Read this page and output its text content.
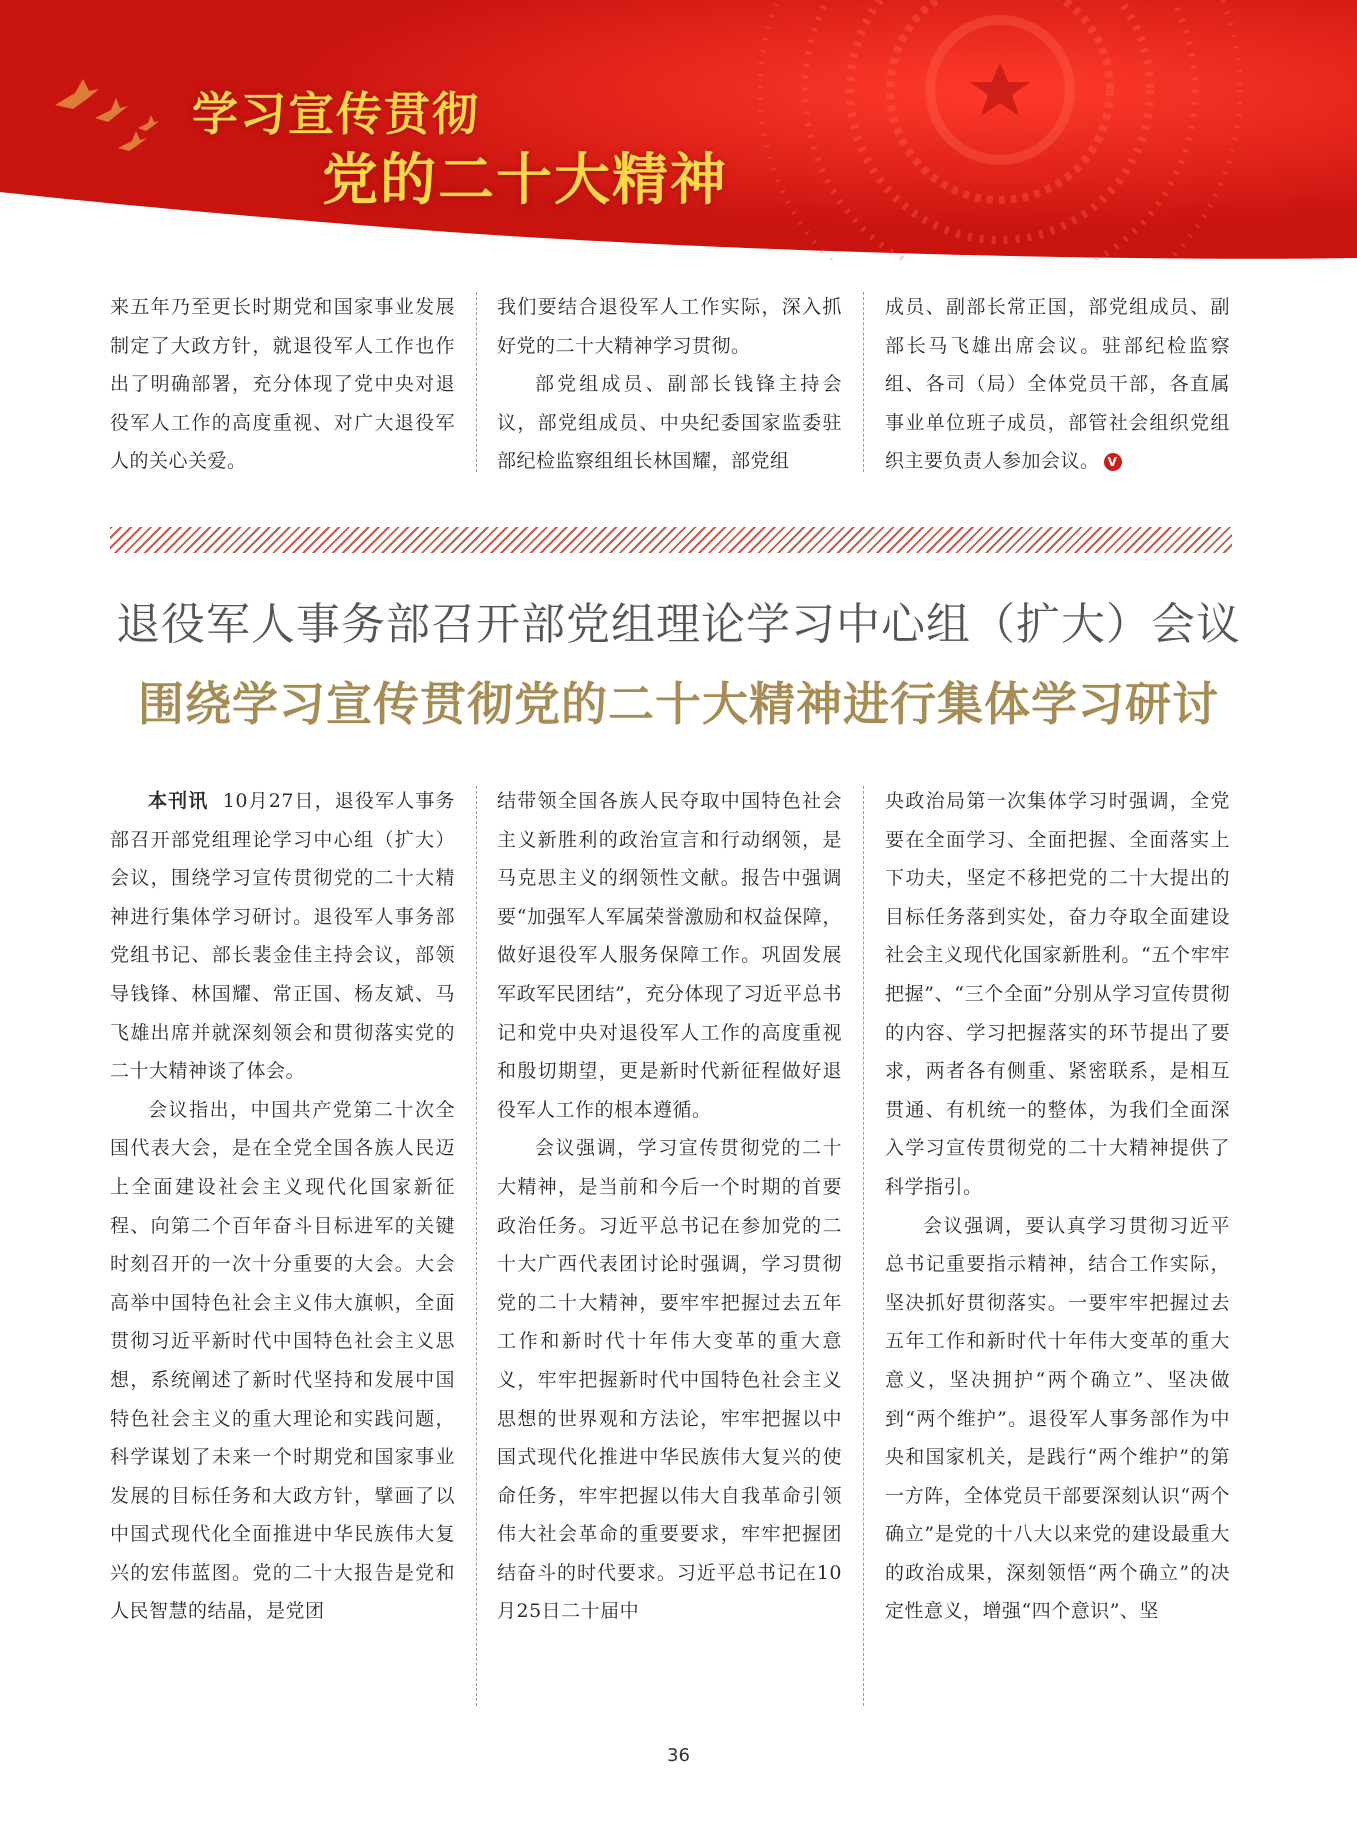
学习宣传贯彻
党的二十大精神

来五年乃至更长时期党和国家事业发展制定了大政方针，就退役军人工作也作出了明确部署，充分体现了党中央对退役军人工作的高度重视、对广大退役军人的关心关爱。

我们要结合退役军人工作实际，深入抓好党的二十大精神学习贯彻。

部党组成员、副部长钱锋主持会议，部党组成员、中央纪委国家监委驻部纪检监察组组长林国耀，部党组

成员、副部长常正国，部党组成员、副部长马飞雄出席会议。驻部纪检监察组、各司（局）全体党员干部，各直属事业单位班子成员，部管社会组织党组织主要负责人参加会议。 V

退役军人事务部召开部党组理论学习中心组（扩大）会议
围绕学习宣传贯彻党的二十大精神进行集体学习研讨

本刊讯 10月27日，退役军人事务部召开部党组理论学习中心组（扩大）会议，围绕学习宣传贯彻党的二十大精神进行集体学习研讨。退役军人事务部党组书记、部长裴金佳主持会议，部领导钱锋、林国耀、常正国、杨友斌、马飞雄出席并就深刻领会和贯彻落实党的二十大精神谈了体会。

会议指出，中国共产党第二十次全国代表大会，是在全党全国各族人民迈上全面建设社会主义现代化国家新征程、向第二个百年奋斗目标进军的关键时刻召开的一次十分重要的大会。大会高举中国特色社会主义伟大旗帜，全面贯彻习近平新时代中国特色社会主义思想，系统阐述了新时代坚持和发展中国特色社会主义的重大理论和实践问题，科学谋划了未来一个时期党和国家事业发展的目标任务和大政方针，擘画了以中国式现代化全面推进中华民族伟大复兴的宏伟蓝图。党的二十大报告是党和人民智慧的结晶，是党团

结带领全国各族人民夺取中国特色社会主义新胜利的政治宣言和行动纲领，是马克思主义的纲领性文献。报告中强调要“加强军人军属荣誉激励和权益保障，做好退役军人服务保障工作。巩固发展军政军民团结”，充分体现了习近平总书记和党中央对退役军人工作的高度重视和殷切期望，更是新时代新征程做好退役军人工作的根本遵循。

会议强调，学习宣传贯彻党的二十大精神，是当前和今后一个时期的首要政治任务。习近平总书记在参加党的二十大广西代表团讨论时强调，学习贯彻党的二十大精神，要牢牢把握过去五年工作和新时代十年伟大变革的重大意义，牢牢把握新时代中国特色社会主义思想的世界观和方法论，牢牢把握以中国式现代化推进中华民族伟大复兴的使命任务，牢牢把握以伟大自我革命引领伟大社会革命的重要要求，牢牢把握团结奋斗的时代要求。习近平总书记在10月25日二十届中

央政治局第一次集体学习时强调，全党要在全面学习、全面把握、全面落实上下功夫，坚定不移把党的二十大提出的目标任务落到实处，奋力夺取全面建设社会主义现代化国家新胜利。“五个牢牢把握”、“三个全面”分别从学习宣传贯彻的内容、学习把握落实的环节提出了要求，两者各有侧重、紧密联系，是相互贯通、有机统一的整体，为我们全面深入学习宣传贯彻党的二十大精神提供了科学指引。

会议强调，要认真学习贯彻习近平总书记重要指示精神，结合工作实际，坚决抓好贯彻落实。一要牢牢把握过去五年工作和新时代十年伟大变革的重大意义，坚决拥护“两个确立”、坚决做到“两个维护”。退役军人事务部作为中央和国家机关，是践行“两个维护”的第一方阵，全体党员干部要深刻认识“两个确立”是党的十八大以来党的建设最重大的政治成果，深刻领悟“两个确立”的决定性意义，增强“四个意识”、坚

36
